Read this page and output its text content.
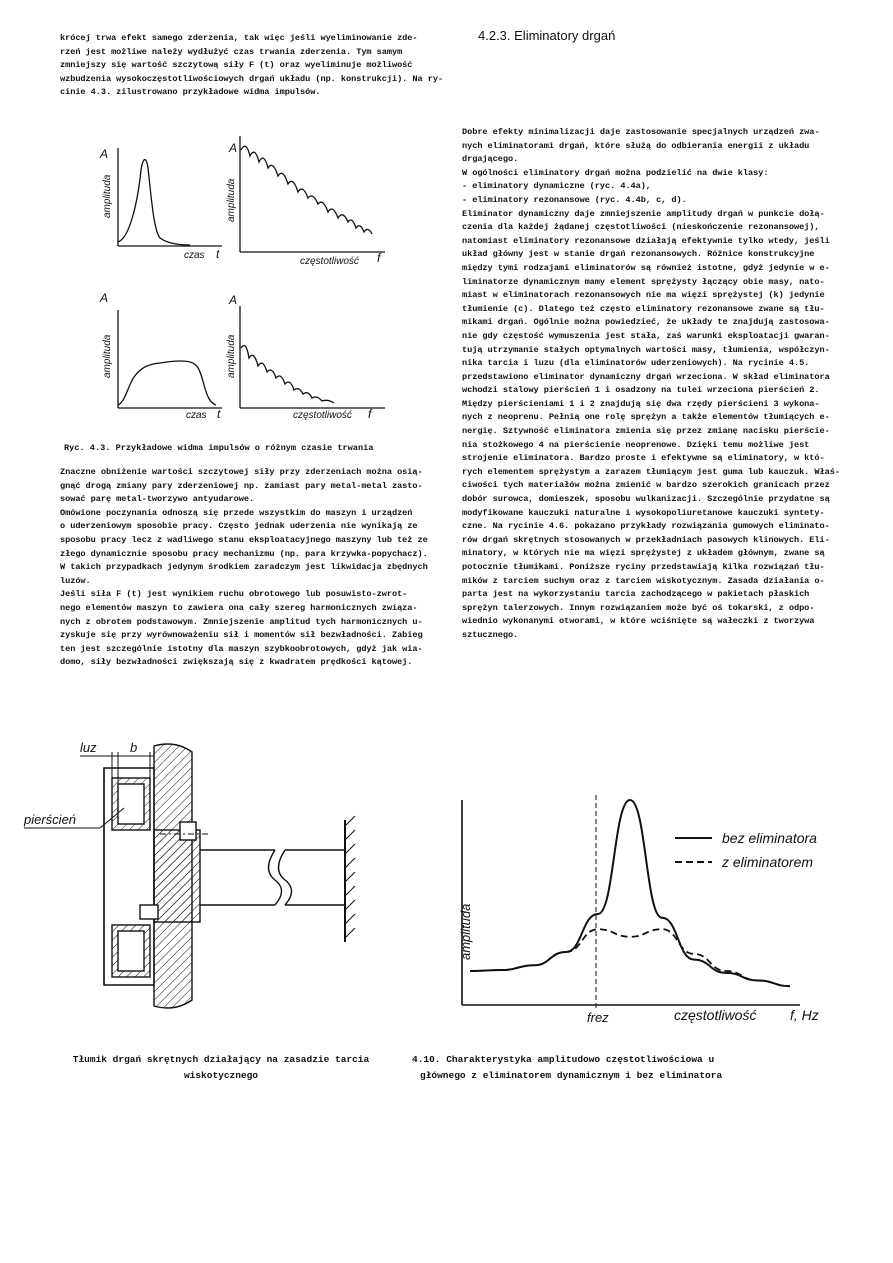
krócej trwa efekt samego zderzenia, tak więc jeśli wyeliminowanie zde-

rzeń jest możliwe należy wydłużyć czas trwania zderzenia. Tym samym

zmniejszy się wartość szczytową siły F (t) oraz wyeliminuje możliwość

wzbudzenia wysokoczęstotliwościowych drgań układu (np. konstrukcji). Na ry-

cinie 4.3. zilustrowano przykładowe widma impulsów.

A
amplituda
czas t
A
amplituda
częstotliwość f
A
amplituda
czas t
A
amplituda
częstotliwość f
luz	b
pierścień
bez eliminatora
z eliminatorem
amplituda
częstotliwość f, Hz
frez
Ryc. 4.3. Przykładowe widma impulsów o różnym czasie trwania

Znaczne obniżenie wartości szczytowej siły przy zderzeniach można osią-

gnąć drogą zmiany pary zderzeniowej np. zamiast pary metal-metal zasto-

sować parę metal-tworzywo antyudarowe.

Omówione poczynania odnoszą się przede wszystkim do maszyn i urządzeń

o uderzeniowym sposobie pracy. Często jednak uderzenia nie wynikają ze

sposobu pracy lecz z wadliwego stanu eksploatacyjnego maszyny lub też ze

złego dynamicznie sposobu pracy mechanizmu (np. para krzywka-popychacz).

W takich przypadkach jedynym środkiem zaradczym jest likwidacja zbędnych

luzów.

Jeśli siła F (t) jest wynikiem ruchu obrotowego lub posuwisto-zwrot-

nego elementów maszyn to zawiera ona cały szereg harmonicznych związa-

nych z obrotem podstawowym. Zmniejszenie amplitud tych harmonicznych u-

zyskuje się przy wyrównoważeniu sił i momentów sił bezwładności. Zabieg

ten jest szczególnie istotny dla maszyn szybkoobrotowych, gdyż jak wia-

domo, siły bezwładności zwiększają się z kwadratem prędkości kątowej.

4.2.3. Eliminatory drgań

Dobre efekty minimalizacji daje zastosowanie specjalnych urządzeń zwa-

nych eliminatorami drgań, które służą do odbierania energii z układu

drgającego.

W ogólności eliminatory drgań można podzielić na dwie klasy:

- eliminatory dynamiczne (ryc. 4.4a),

- eliminatory rezonansowe (ryc. 4.4b, c, d).

Eliminator dynamiczny daje zmniejszenie amplitudy drgań w punkcie dołą-

czenia dla każdej żądanej częstotliwości (nieskończenie rezonansowej),

natomiast eliminatory rezonansowe działają efektywnie tylko wtedy, jeśli

układ główny jest w stanie drgań rezonansowych. Różnice konstrukcyjne

między tymi rodzajami eliminatorów są również istotne, gdyż jedynie w e-

liminatorze dynamicznym mamy element sprężysty łączący obie masy, nato-

miast w eliminatorach rezonansowych nie ma więzi sprężystej (k) jedynie

tłumienie (c). Dlatego też często eliminatory rezonansowe zwane są tłu-

mikami drgań. Ogólnie można powiedzieć, że układy te znajdują zastosowa-

nie gdy częstość wymuszenia jest stała, zaś warunki eksploatacji gwaran-

tują utrzymanie stałych optymalnych wartości masy, tłumienia, współczyn-

nika tarcia i luzu (dla eliminatorów uderzeniowych). Na rycinie 4.5.

przedstawiono eliminator dynamiczny drgań wrzeciona. W skład eliminatora

wchodzi stalowy pierścień 1 i osadzony na tulei wrzeciona pierścień 2.

Między pierścieniami 1 i 2 znajdują się dwa rzędy pierścieni 3 wykona-

nych z neoprenu. Pełnią one rolę sprężyn a także elementów tłumiących e-

nergię. Sztywność eliminatora zmienia się przez zmianę nacisku pierście-

nia stożkowego 4 na pierścienie neoprenowe. Dzięki temu możliwe jest

strojenie eliminatora. Bardzo proste i efektywne są eliminatory, w któ-

rych elementem sprężystym a zarazem tłumiącym jest guma lub kauczuk. Właś-

ciwości tych materiałów można zmienić w bardzo szerokich granicach przez

dobór surowca, domieszek, sposobu wulkanizacji. Szczególnie przydatne są

modyfikowane kauczuki naturalne i wysokopoliuretanowe kauczuki syntety-

czne. Na rycinie 4.6. pokazano przykłady rozwiązania gumowych eliminato-

rów drgań skrętnych stosowanych w przekładniach pasowych klinowych. Eli-

minatory, w których nie ma więzi sprężystej z układem głównym, zwane są

potocznie tłumikami. Poniższe ryciny przedstawiają kilka rozwiązań tłu-

mików z tarciem suchym oraz z tarciem wiskotycznym. Zasada działania o-

parta jest na wykorzystaniu tarcia zachodzącego w pakietach płaskich

sprężyn talerzowych. Innym rozwiązaniem może być oś tokarski, z odpo-

wiednio wykonanymi otworami, w które wciśnięte są wałeczki z tworzywa

sztucznego.

Tłumik drgań skrętnych działający na zasadzie tarcia
wiskotycznego
4.10. Charakterystyka amplitudowo częstotliwościowa u
głównego z eliminatorem dynamicznym i bez eliminatora
